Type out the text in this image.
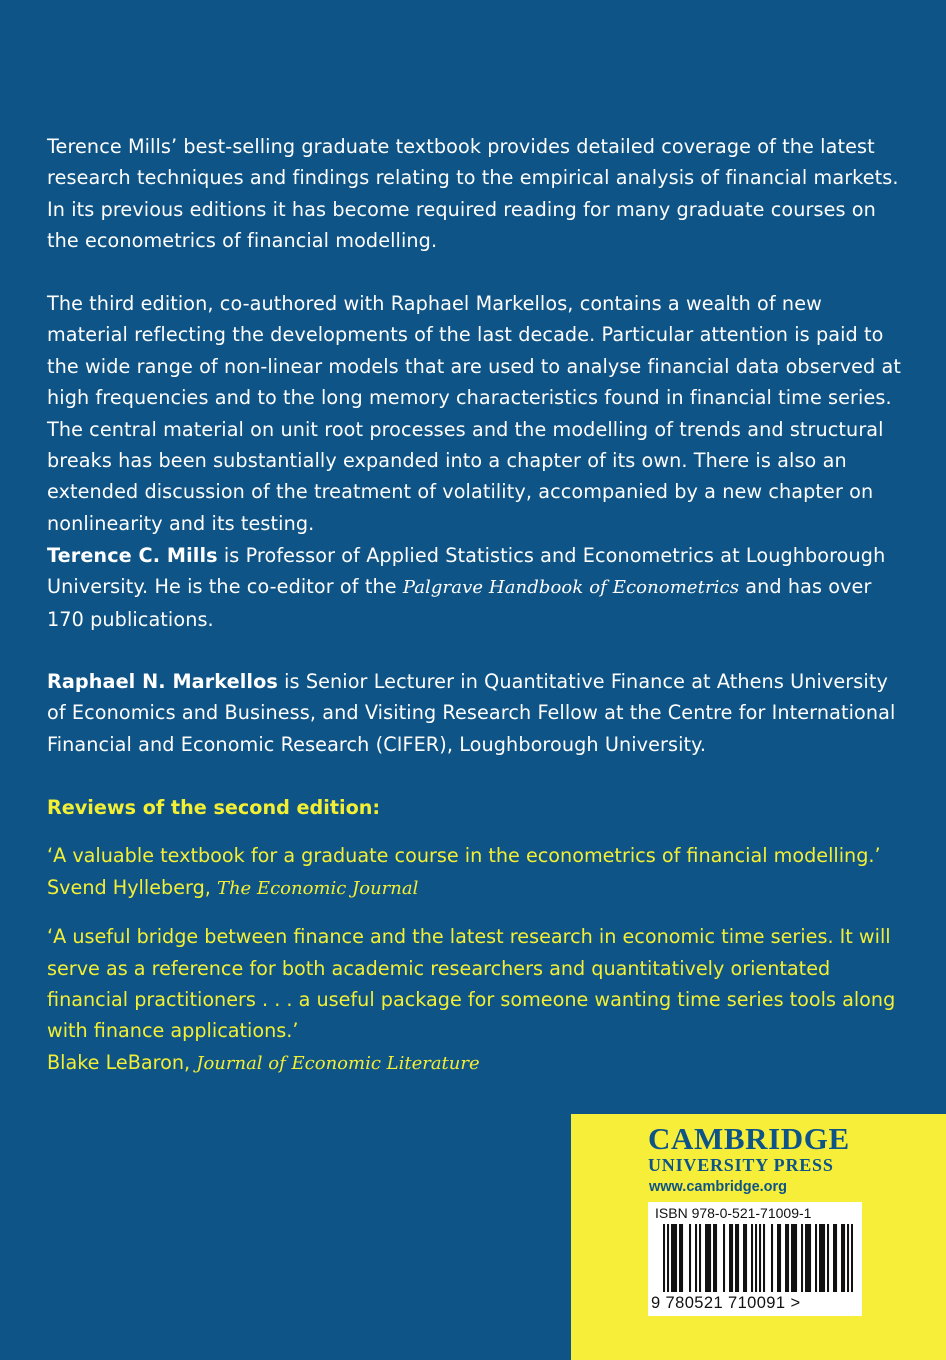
Terence Mills’ best-selling graduate textbook provides detailed coverage of the latest research techniques and findings relating to the empirical analysis of financial markets. In its previous editions it has become required reading for many graduate courses on the econometrics of financial modelling.
The third edition, co-authored with Raphael Markellos, contains a wealth of new material reflecting the developments of the last decade. Particular attention is paid to the wide range of non-linear models that are used to analyse financial data observed at high frequencies and to the long memory characteristics found in financial time series. The central material on unit root processes and the modelling of trends and structural breaks has been substantially expanded into a chapter of its own. There is also an extended discussion of the treatment of volatility, accompanied by a new chapter on nonlinearity and its testing.
Terence C. Mills is Professor of Applied Statistics and Econometrics at Loughborough University. He is the co-editor of the Palgrave Handbook of Econometrics and has over 170 publications.
Raphael N. Markellos is Senior Lecturer in Quantitative Finance at Athens University of Economics and Business, and Visiting Research Fellow at the Centre for International Financial and Economic Research (CIFER), Loughborough University.
Reviews of the second edition:
‘A valuable textbook for a graduate course in the econometrics of financial modelling.’
Svend Hylleberg, The Economic Journal
‘A useful bridge between finance and the latest research in economic time series. It will serve as a reference for both academic researchers and quantitatively orientated financial practitioners . . . a useful package for someone wanting time series tools along with finance applications.’
Blake LeBaron, Journal of Economic Literature
CAMBRIDGE
UNIVERSITY PRESS
www.cambridge.org
ISBN 978-0-521-71009-1
9 780521 710091 >
